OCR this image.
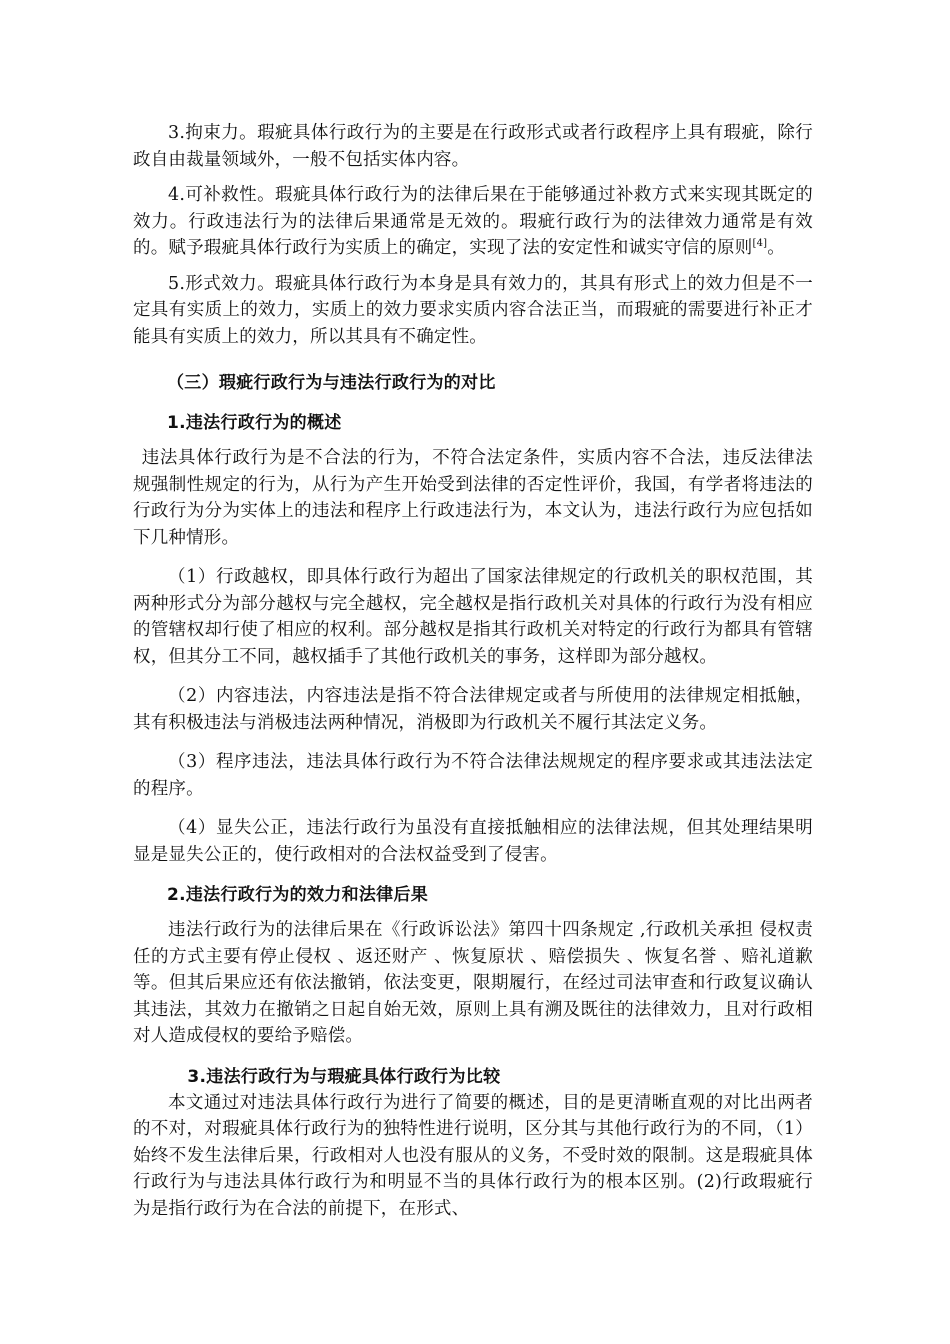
3.拘束力。瑕疵具体行政行为的主要是在行政形式或者行政程序上具有瑕疵，除行政自由裁量领域外，一般不包括实体内容。

4.可补救性。瑕疵具体行政行为的法律后果在于能够通过补救方式来实现其既定的效力。行政违法行为的法律后果通常是无效的。瑕疵行政行为的法律效力通常是有效的。赋予瑕疵具体行政行为实质上的确定，实现了法的安定性和诚实守信的原则[4]。

5.形式效力。瑕疵具体行政行为本身是具有效力的，其具有形式上的效力但是不一定具有实质上的效力，实质上的效力要求实质内容合法正当，而瑕疵的需要进行补正才能具有实质上的效力，所以其具有不确定性。

（三）瑕疵行政行为与违法行政行为的对比

1.违法行政行为的概述

违法具体行政行为是不合法的行为，不符合法定条件，实质内容不合法，违反法律法规强制性规定的行为，从行为产生开始受到法律的否定性评价，我国，有学者将违法的行政行为分为实体上的违法和程序上行政违法行为，本文认为，违法行政行为应包括如下几种情形。

（1）行政越权，即具体行政行为超出了国家法律规定的行政机关的职权范围，其两种形式分为部分越权与完全越权，完全越权是指行政机关对具体的行政行为没有相应的管辖权却行使了相应的权利。部分越权是指其行政机关对特定的行政行为都具有管辖权，但其分工不同，越权插手了其他行政机关的事务，这样即为部分越权。

（2）内容违法，内容违法是指不符合法律规定或者与所使用的法律规定相抵触，其有积极违法与消极违法两种情况，消极即为行政机关不履行其法定义务。

（3）程序违法，违法具体行政行为不符合法律法规规定的程序要求或其违法法定的程序。

（4）显失公正，违法行政行为虽没有直接抵触相应的法律法规，但其处理结果明显是显失公正的，使行政相对的合法权益受到了侵害。

2.违法行政行为的效力和法律后果

违法行政行为的法律后果在《行政诉讼法》第四十四条规定 ,行政机关承担 侵权责任的方式主要有停止侵权 、返还财产 、恢复原状 、赔偿损失 、恢复名誉 、赔礼道歉等。但其后果应还有依法撤销，依法变更，限期履行，在经过司法审查和行政复议确认其违法，其效力在撤销之日起自始无效，原则上具有溯及既往的法律效力，且对行政相对人造成侵权的要给予赔偿。

3.违法行政行为与瑕疵具体行政行为比较

本文通过对违法具体行政行为进行了简要的概述，目的是更清晰直观的对比出两者的不对，对瑕疵具体行政行为的独特性进行说明，区分其与其他行政行为的不同，（1）始终不发生法律后果，行政相对人也没有服从的义务，不受时效的限制。这是瑕疵具体行政行为与违法具体行政行为和明显不当的具体行政行为的根本区别。(2)行政瑕疵行为是指行政行为在合法的前提下，在形式、
